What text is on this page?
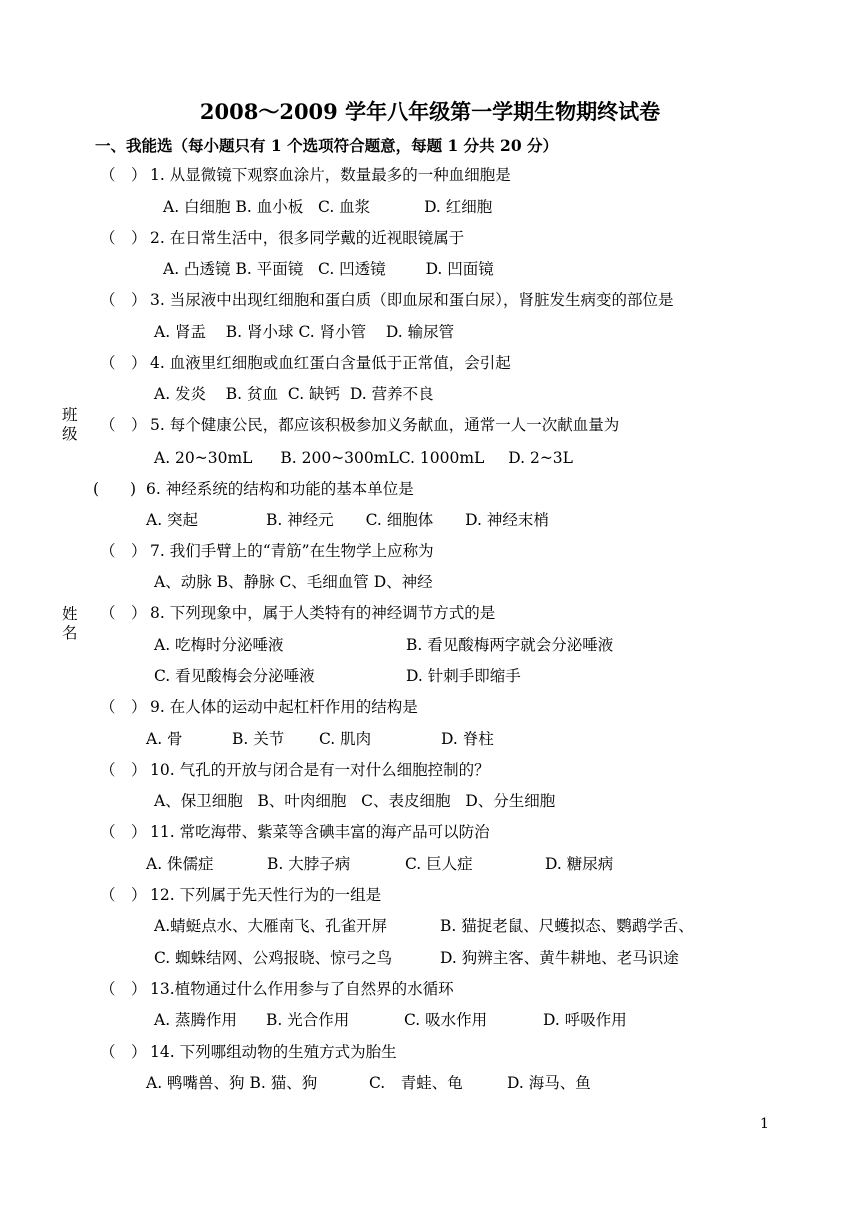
2008～2009 学年八年级第一学期生物期终试卷
一、我能选（每小题只有 1 个选项符合题意，每题 1 分共 20 分）
班
级
姓
名
（　） 1. 从显微镜下观察血涂片，数量最多的一种血细胞是
A. 白细胞 B. 血小板 C. 血浆	D. 红细胞
（　） 2. 在日常生活中，很多同学戴的近视眼镜属于
A. 凸透镜 B. 平面镜 C. 凹透镜	D. 凹面镜
（　） 3. 当尿液中出现红细胞和蛋白质（即血尿和蛋白尿），肾脏发生病变的部位是
A. 肾盂 B. 肾小球 C. 肾小管 D. 输尿管
（　） 4. 血液里红细胞或血红蛋白含量低于正常值，会引起
A. 发炎 B. 贫血 C. 缺钙 D. 营养不良
（　） 5. 每个健康公民，都应该积极参加义务献血，通常一人一次献血量为
A. 20~30mL B. 200~300mLC. 1000mL D. 2~3L
(　　) 6. 神经系统的结构和功能的基本单位是
A. 突起	B. 神经元 C. 细胞体 D. 神经末梢
（　） 7. 我们手臂上的“青筋”在生物学上应称为
A、动脉 B、静脉 C、毛细血管 D、神经
（　） 8. 下列现象中，属于人类特有的神经调节方式的是
A. 吃梅时分泌唾液	B. 看见酸梅两字就会分泌唾液
C. 看见酸梅会分泌唾液	D. 针刺手即缩手
（　） 9. 在人体的运动中起杠杆作用的结构是
A. 骨	B. 关节 C. 肌肉	D. 脊柱
（　） 10. 气孔的开放与闭合是有一对什么细胞控制的？
A、保卫细胞 B、叶肉细胞 C、表皮细胞 D、分生细胞
（　） 11. 常吃海带、紫菜等含碘丰富的海产品可以防治
A. 侏儒症	B. 大脖子病	C. 巨人症	D. 糖尿病
（　） 12. 下列属于先天性行为的一组是
A.蜻蜓点水、大雁南飞、孔雀开屏	B. 猫捉老鼠、尺蠖拟态、鹦鹉学舌、
C. 蜘蛛结网、公鸡报晓、惊弓之鸟	D. 狗辨主客、黄牛耕地、老马识途
（　） 13.植物通过什么作用参与了自然界的水循环
A. 蒸腾作用 B. 光合作用	C. 吸水作用	D. 呼吸作用
（　） 14. 下列哪组动物的生殖方式为胎生
A. 鸭嘴兽、狗 B. 猫、狗	C.　青蛙、龟	D. 海马、鱼
1
